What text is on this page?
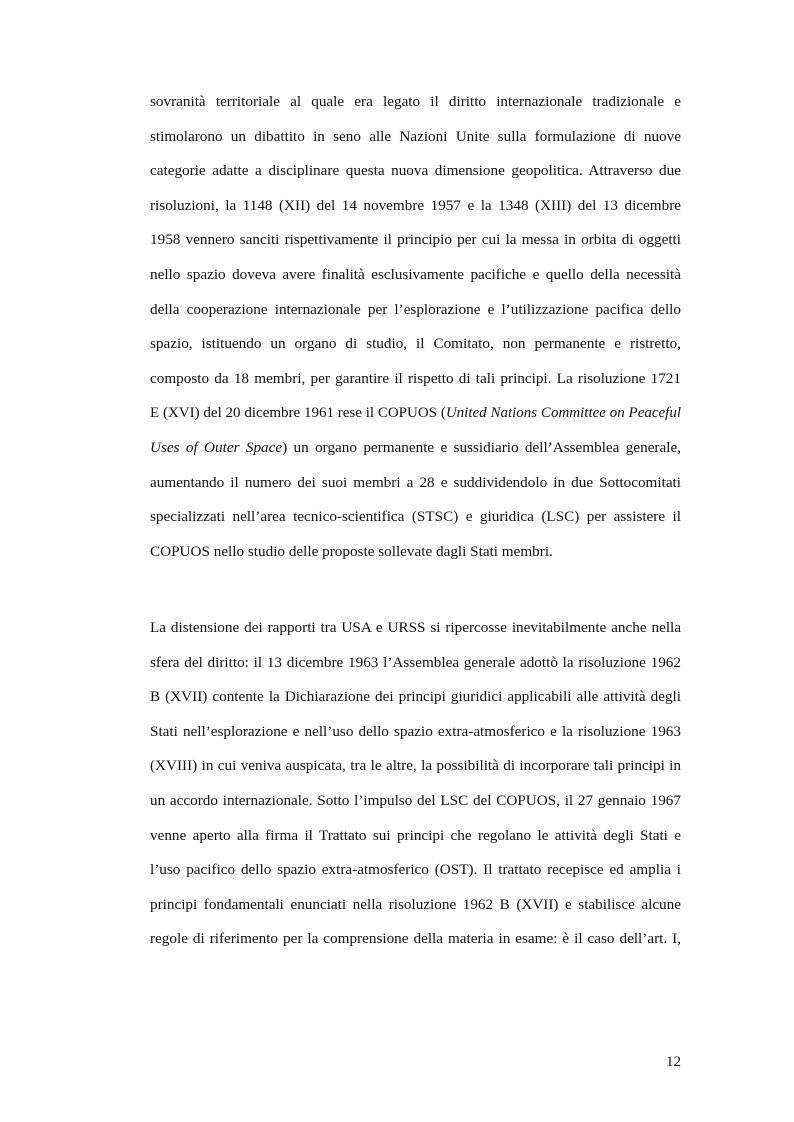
sovranità territoriale al quale era legato il diritto internazionale tradizionale e
stimolarono un dibattito in seno alle Nazioni Unite sulla formulazione di nuove
categorie adatte a disciplinare questa nuova dimensione geopolitica. Attraverso due
risoluzioni, la 1148 (XII) del 14 novembre 1957 e la 1348 (XIII) del 13 dicembre
1958 vennero sanciti rispettivamente il principio per cui la messa in orbita di oggetti
nello spazio doveva avere finalità esclusivamente pacifiche e quello della necessità
della cooperazione internazionale per l’esplorazione e l’utilizzazione pacifica dello
spazio, istituendo un organo di studio, il Comitato, non permanente e ristretto,
composto da 18 membri, per garantire il rispetto di tali principi. La risoluzione 1721
E (XVI) del 20 dicembre 1961 rese il COPUOS (United Nations Committee on Peaceful
Uses of Outer Space) un organo permanente e sussidiario dell’Assemblea generale,
aumentando il numero dei suoi membri a 28 e suddividendolo in due Sottocomitati
specializzati nell’area tecnico-scientifica (STSC) e giuridica (LSC) per assistere il
COPUOS nello studio delle proposte sollevate dagli Stati membri.
La distensione dei rapporti tra USA e URSS si ripercosse inevitabilmente anche nella
sfera del diritto: il 13 dicembre 1963 l’Assemblea generale adottò la risoluzione 1962
B (XVII) contente la Dichiarazione dei principi giuridici applicabili alle attività degli
Stati nell’esplorazione e nell’uso dello spazio extra-atmosferico e la risoluzione 1963
(XVIII) in cui veniva auspicata, tra le altre, la possibilità di incorporare tali principi in
un accordo internazionale. Sotto l’impulso del LSC del COPUOS, il 27 gennaio 1967
venne aperto alla firma il Trattato sui principi che regolano le attività degli Stati e
l’uso pacifico dello spazio extra-atmosferico (OST). Il trattato recepisce ed amplia i
principi fondamentali enunciati nella risoluzione 1962 B (XVII) e stabilisce alcune
regole di riferimento per la comprensione della materia in esame: è il caso dell’art. I,
12
